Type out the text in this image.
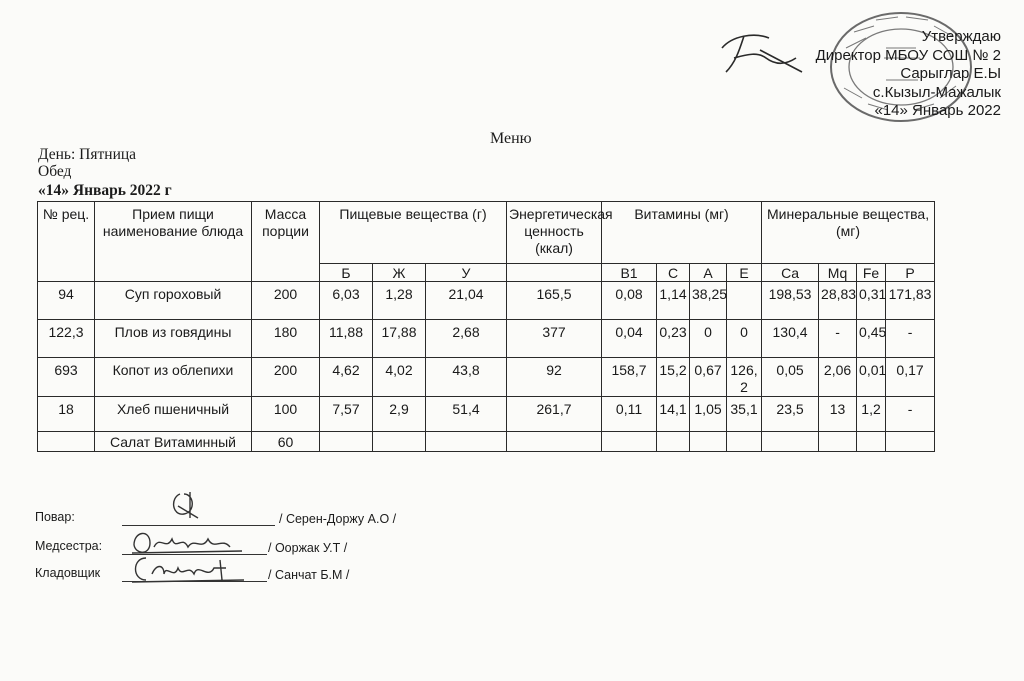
Утверждаю
Директор МБОУ СОШ № 2
Сарыглар Е.Ы
с.Кызыл-Мажалык
«14» Январь 2022
Меню
День: Пятница
Обед
«14» Январь 2022 г
№ рец.	Прием пищи наименование блюда	Масса порции	Пищевые вещества (г)			Энергетическая ценность (ккал)	Витамины (мг)				Минеральные вещества, (мг)			
			Б	Ж	У		B1	C	A	E	Ca	Mq	Fe	P
94	Суп гороховый	200	6,03	1,28	21,04	165,5	0,08	1,14	38,25		198,53	28,83	0,31	171,83
122,3	Плов из говядины	180	11,88	17,88	2,68	377	0,04	0,23	0	0	130,4	-	0,45	-
693	Копот из облепихи	200	4,62	4,02	43,8	92	158,7	15,2	0,67	126,2	0,05	2,06	0,01	0,17
18	Хлеб пшеничный	100	7,57	2,9	51,4	261,7	0,11	14,1	1,05	35,1	23,5	13	1,2	-
	Салат Витаминный	60												
Повар:	/ Серен-Доржу А.О /
Медсестра:	/ Ооржак У.Т /
Кладовщик	/ Санчат Б.М /
